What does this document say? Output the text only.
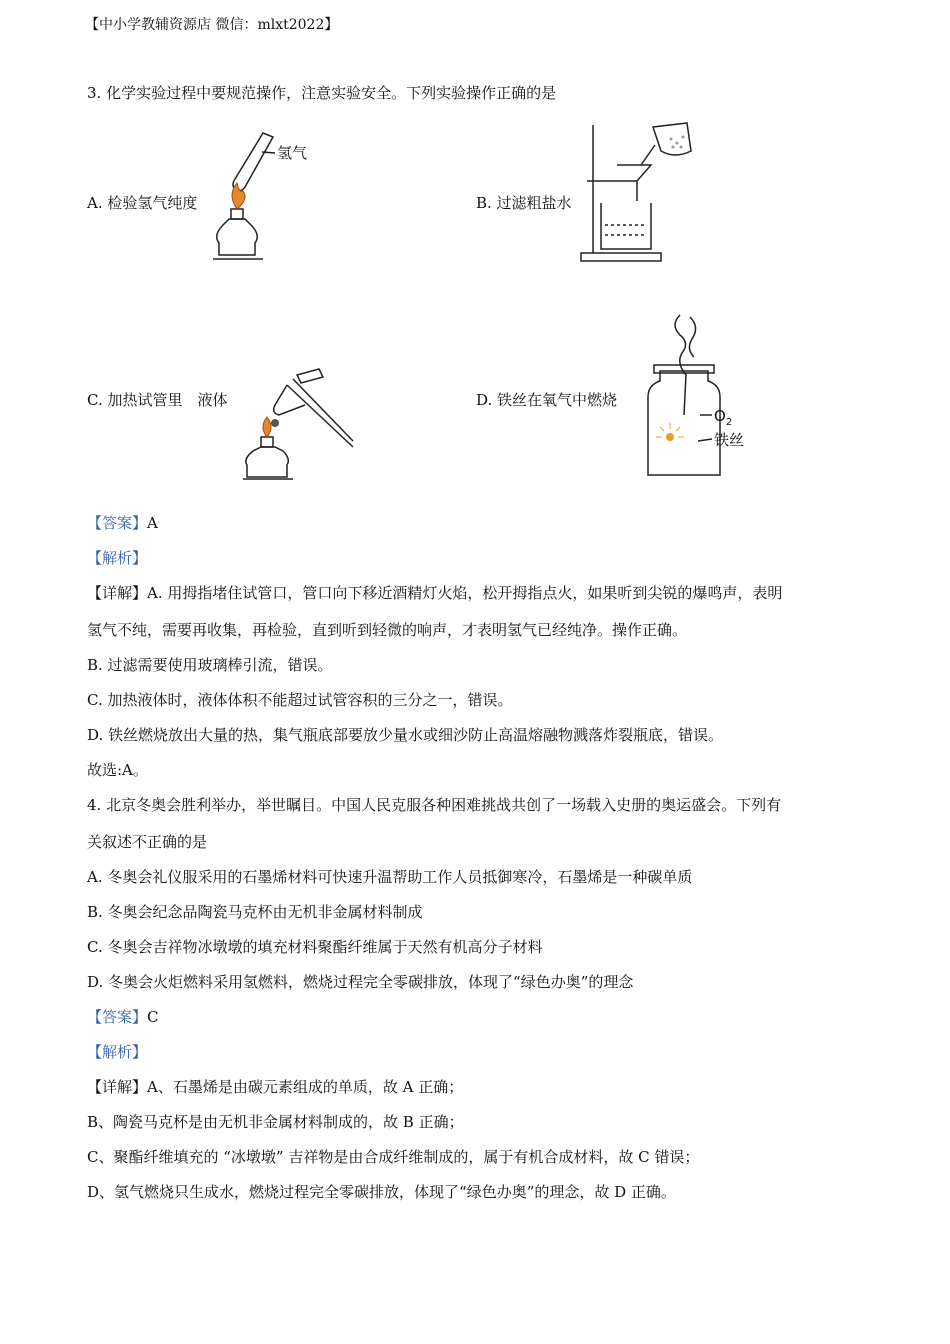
【中小学教辅资源店 微信：mlxt2022】
3. 化学实验过程中要规范操作，注意实验安全。下列实验操作正确的是
A. 检验氢气纯度	B. 过滤粗盐水
C. 加热试管里　液体	D. 铁丝在氧气中燃烧
氢气
$O_2$
铁丝
【答案】A
【解析】
【详解】A. 用拇指堵住试管口，管口向下移近酒精灯火焰，松开拇指点火，如果听到尖锐的爆鸣声，表明
氢气不纯，需要再收集，再检验，直到听到轻微的响声，才表明氢气已经纯净。操作正确。
B. 过滤需要使用玻璃棒引流，错误。
C. 加热液体时，液体体积不能超过试管容积的三分之一，错误。
D. 铁丝燃烧放出大量的热，集气瓶底部要放少量水或细沙防止高温熔融物溅落炸裂瓶底，错误。
故选:A。
4. 北京冬奥会胜利举办，举世瞩目。中国人民克服各种困难挑战共创了一场载入史册的奥运盛会。下列有
关叙述不正确的是
A. 冬奥会礼仪服采用的石墨烯材料可快速升温帮助工作人员抵御寒冷，石墨烯是一种碳单质
B. 冬奥会纪念品陶瓷马克杯由无机非金属材料制成
C. 冬奥会吉祥物冰墩墩的填充材料聚酯纤维属于天然有机高分子材料
D. 冬奥会火炬燃料采用氢燃料，燃烧过程完全零碳排放，体现了“绿色办奥”的理念
【答案】C
【解析】
【详解】A、石墨烯是由碳元素组成的单质，故 A 正确；
B、陶瓷马克杯是由无机非金属材料制成的，故 B 正确；
C、聚酯纤维填充的 “冰墩墩” 吉祥物是由合成纤维制成的，属于有机合成材料，故 C 错误；
D、氢气燃烧只生成水，燃烧过程完全零碳排放，体现了“绿色办奥”的理念，故 D 正确。
